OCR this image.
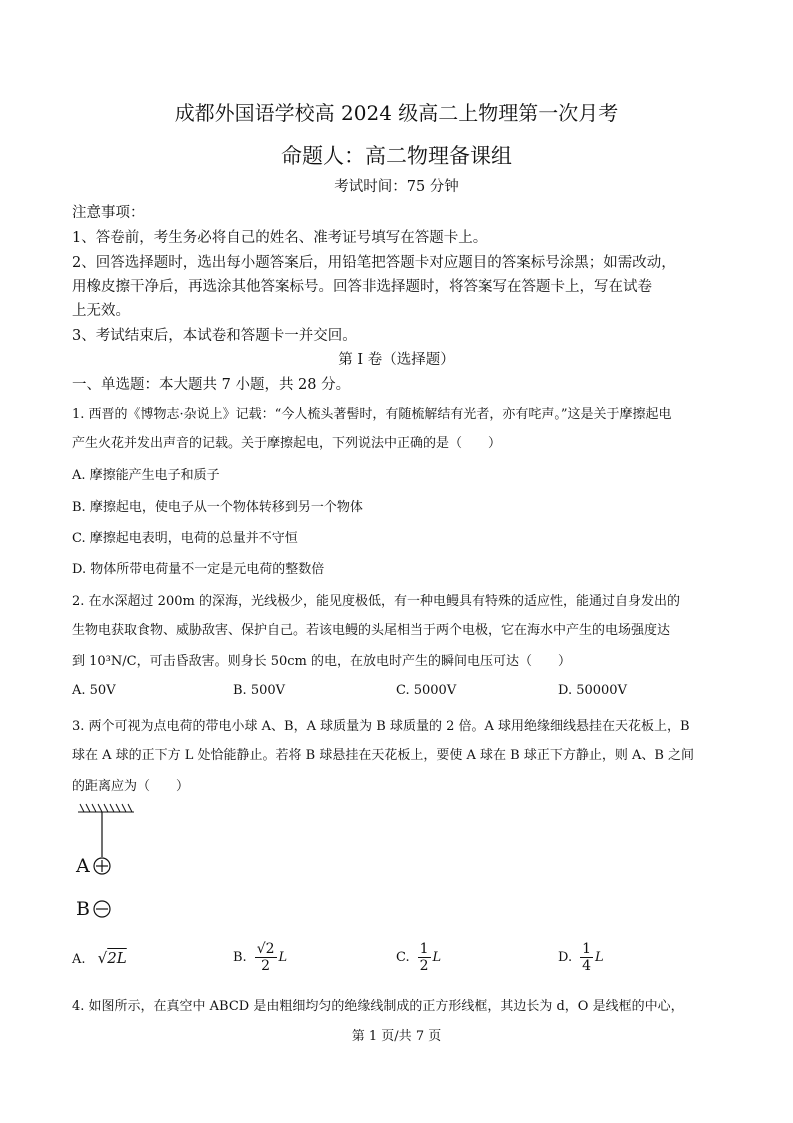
成都外国语学校高 2024 级高二上物理第一次月考
命题人：高二物理备课组
考试时间：75 分钟
注意事项：
1、答卷前，考生务必将自己的姓名、准考证号填写在答题卡上。
2、回答选择题时，选出每小题答案后，用铅笔把答题卡对应题目的答案标号涂黑；如需改动，
用橡皮擦干净后，再选涂其他答案标号。回答非选择题时，将答案写在答题卡上，写在试卷
上无效。
3、考试结束后，本试卷和答题卡一并交回。
第 I 卷（选择题）
一、单选题：本大题共 7 小题，共 28 分。
1. 西晋的《博物志·杂说上》记载：“今人梳头著髻时，有随梳解结有光者，亦有咤声。”这是关于摩擦起电
产生火花并发出声音的记载。关于摩擦起电，下列说法中正确的是（　　）
A. 摩擦能产生电子和质子
B. 摩擦起电，使电子从一个物体转移到另一个物体
C. 摩擦起电表明，电荷的总量并不守恒
D. 物体所带电荷量不一定是元电荷的整数倍
2. 在水深超过 200m 的深海，光线极少，能见度极低，有一种电鳗具有特殊的适应性，能通过自身发出的
生物电获取食物、威胁敌害、保护自己。若该电鳗的头尾相当于两个电极，它在海水中产生的电场强度达
到 10³N/C，可击昏敌害。则身长 50cm 的电，在放电时产生的瞬间电压可达（　　）
A. 50V	B. 500V	C. 5000V	D. 50000V
3. 两个可视为点电荷的带电小球 A、B，A 球质量为 B 球质量的 2 倍。A 球用绝缘细线悬挂在天花板上，B
球在 A 球的正下方 L 处恰能静止。若将 B 球悬挂在天花板上，要使 A 球在 B 球正下方静止，则 A、B 之间
的距离应为（　　）
A
B
A. √2L	B. $\frac{√2}{2}$ L	C. $\frac{1}{2}$ L	D. $\frac{1}{4}$ L
4. 如图所示，在真空中 ABCD 是由粗细均匀的绝缘线制成的正方形线框，其边长为 d，O 是线框的中心，
第 1 页/共 7 页
